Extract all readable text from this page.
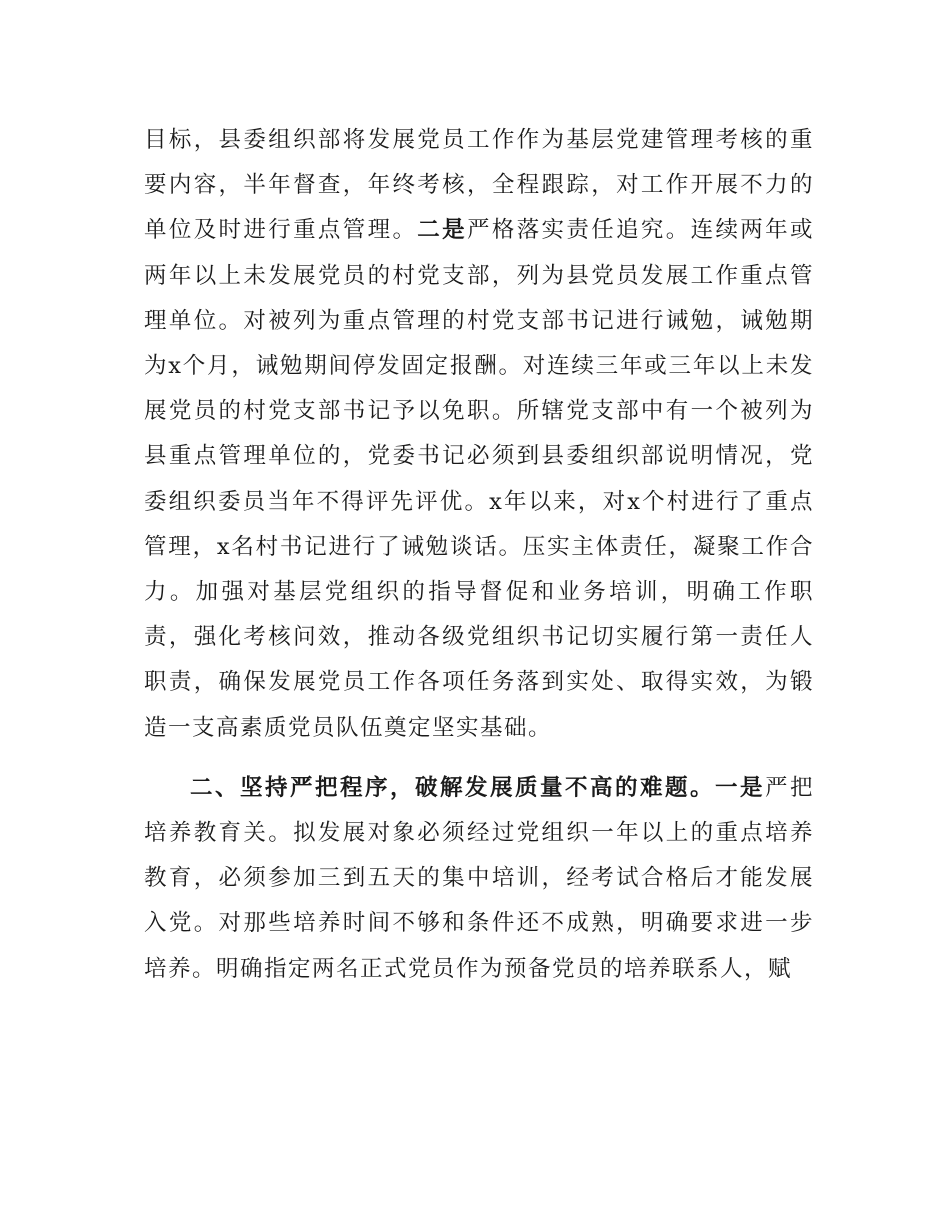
目标，县委组织部将发展党员工作作为基层党建管理考核的重要内容，半年督查，年终考核，全程跟踪，对工作开展不力的单位及时进行重点管理。二是严格落实责任追究。连续两年或两年以上未发展党员的村党支部，列为县党员发展工作重点管理单位。对被列为重点管理的村党支部书记进行诫勉，诫勉期为x个月，诫勉期间停发固定报酬。对连续三年或三年以上未发展党员的村党支部书记予以免职。所辖党支部中有一个被列为县重点管理单位的，党委书记必须到县委组织部说明情况，党委组织委员当年不得评先评优。x年以来，对x个村进行了重点管理，x名村书记进行了诫勉谈话。压实主体责任，凝聚工作合力。加强对基层党组织的指导督促和业务培训，明确工作职责，强化考核问效，推动各级党组织书记切实履行第一责任人职责，确保发展党员工作各项任务落到实处、取得实效，为锻造一支高素质党员队伍奠定坚实基础。

二、坚持严把程序，破解发展质量不高的难题。一是严把培养教育关。拟发展对象必须经过党组织一年以上的重点培养教育，必须参加三到五天的集中培训，经考试合格后才能发展入党。对那些培养时间不够和条件还不成熟，明确要求进一步培养。明确指定两名正式党员作为预备党员的培养联系人，赋
